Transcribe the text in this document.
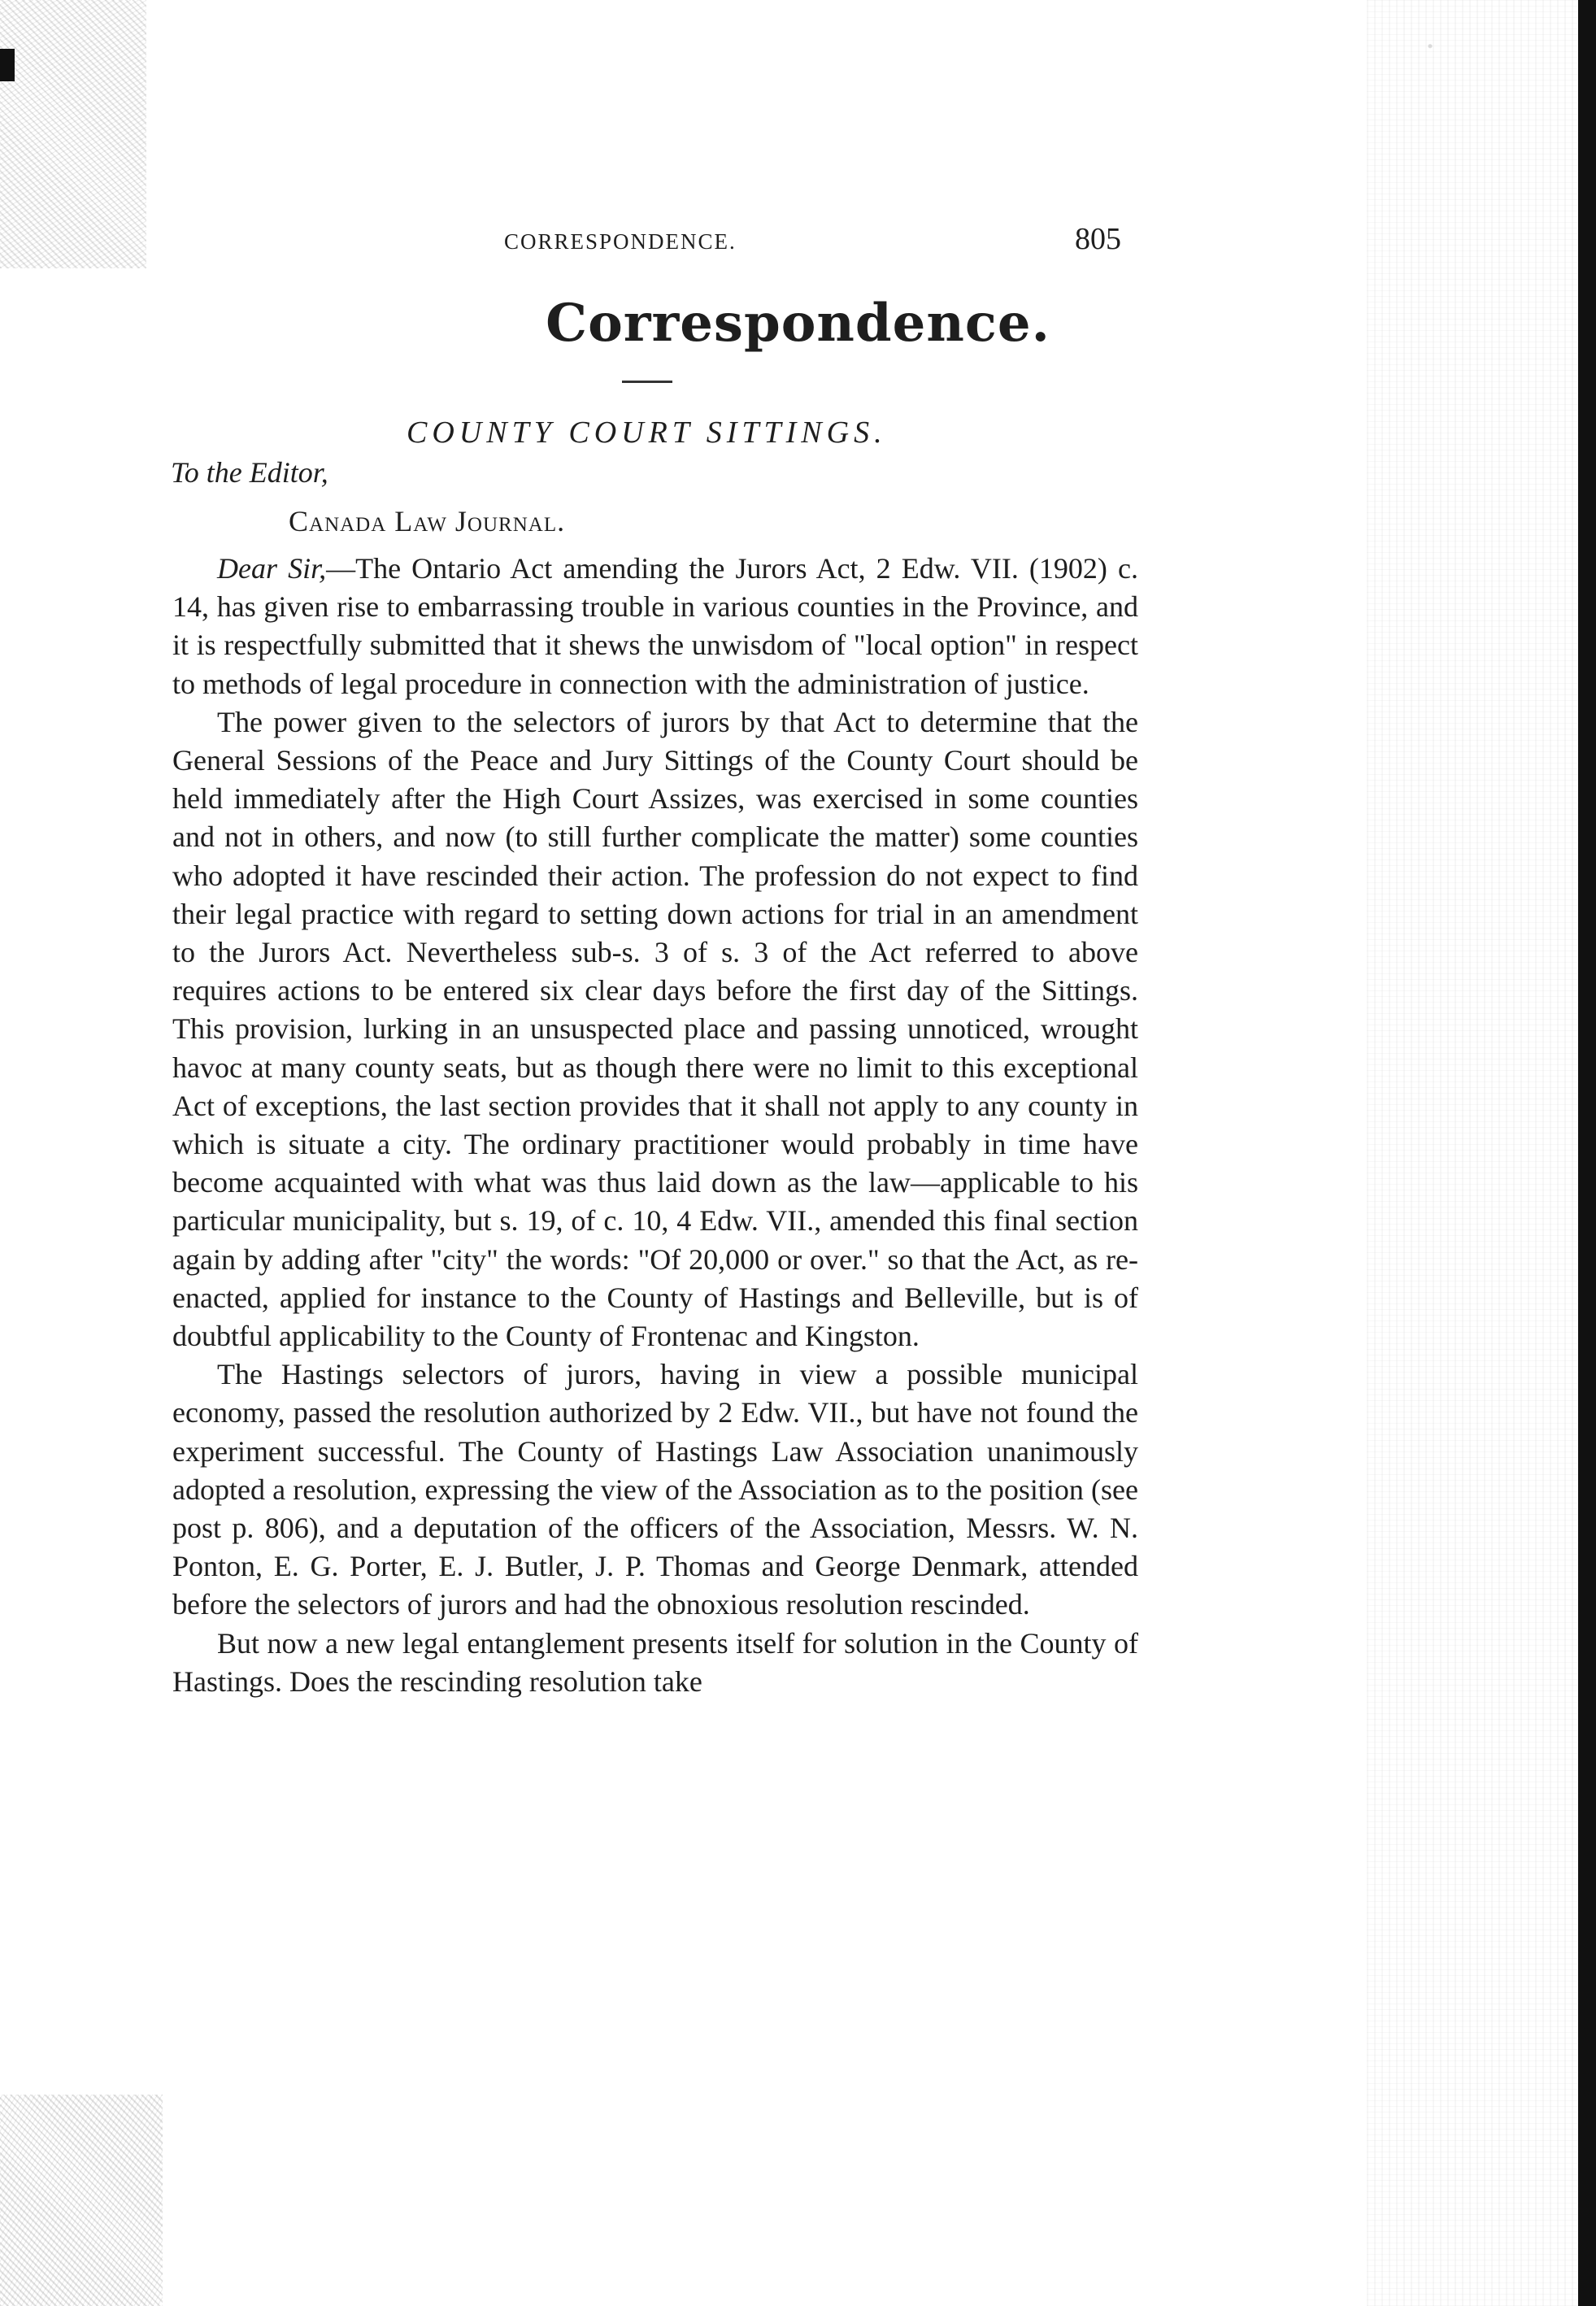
CORRESPONDENCE.	805
Correspondence.
COUNTY COURT SITTINGS.
To the Editor,
Canada Law Journal.

Dear Sir,—The Ontario Act amending the Jurors Act, 2 Edw. VII. (1902) c. 14, has given rise to embarrassing trouble in various counties in the Province, and it is respectfully submitted that it shews the unwisdom of "local option" in respect to methods of legal procedure in connection with the administration of justice.

The power given to the selectors of jurors by that Act to determine that the General Sessions of the Peace and Jury Sittings of the County Court should be held immediately after the High Court Assizes, was exercised in some counties and not in others, and now (to still further complicate the matter) some counties who adopted it have rescinded their action. The profession do not expect to find their legal practice with regard to setting down actions for trial in an amendment to the Jurors Act. Nevertheless sub-s. 3 of s. 3 of the Act referred to above requires actions to be entered six clear days before the first day of the Sittings. This provision, lurking in an unsuspected place and passing unnoticed, wrought havoc at many county seats, but as though there were no limit to this exceptional Act of exceptions, the last section provides that it shall not apply to any county in which is situate a city. The ordinary practitioner would probably in time have become acquainted with what was thus laid down as the law—applicable to his particular municipality, but s. 19, of c. 10, 4 Edw. VII., amended this final section again by adding after "city" the words: "Of 20,000 or over." so that the Act, as re-enacted, applied for instance to the County of Hastings and Belleville, but is of doubtful applicability to the County of Frontenac and Kingston.

The Hastings selectors of jurors, having in view a possible municipal economy, passed the resolution authorized by 2 Edw. VII., but have not found the experiment successful. The County of Hastings Law Association unanimously adopted a resolution, expressing the view of the Association as to the position (see post p. 806), and a deputation of the officers of the Association, Messrs. W. N. Ponton, E. G. Porter, E. J. Butler, J. P. Thomas and George Denmark, attended before the selectors of jurors and had the obnoxious resolution rescinded.

But now a new legal entanglement presents itself for solution in the County of Hastings. Does the rescinding resolution take
